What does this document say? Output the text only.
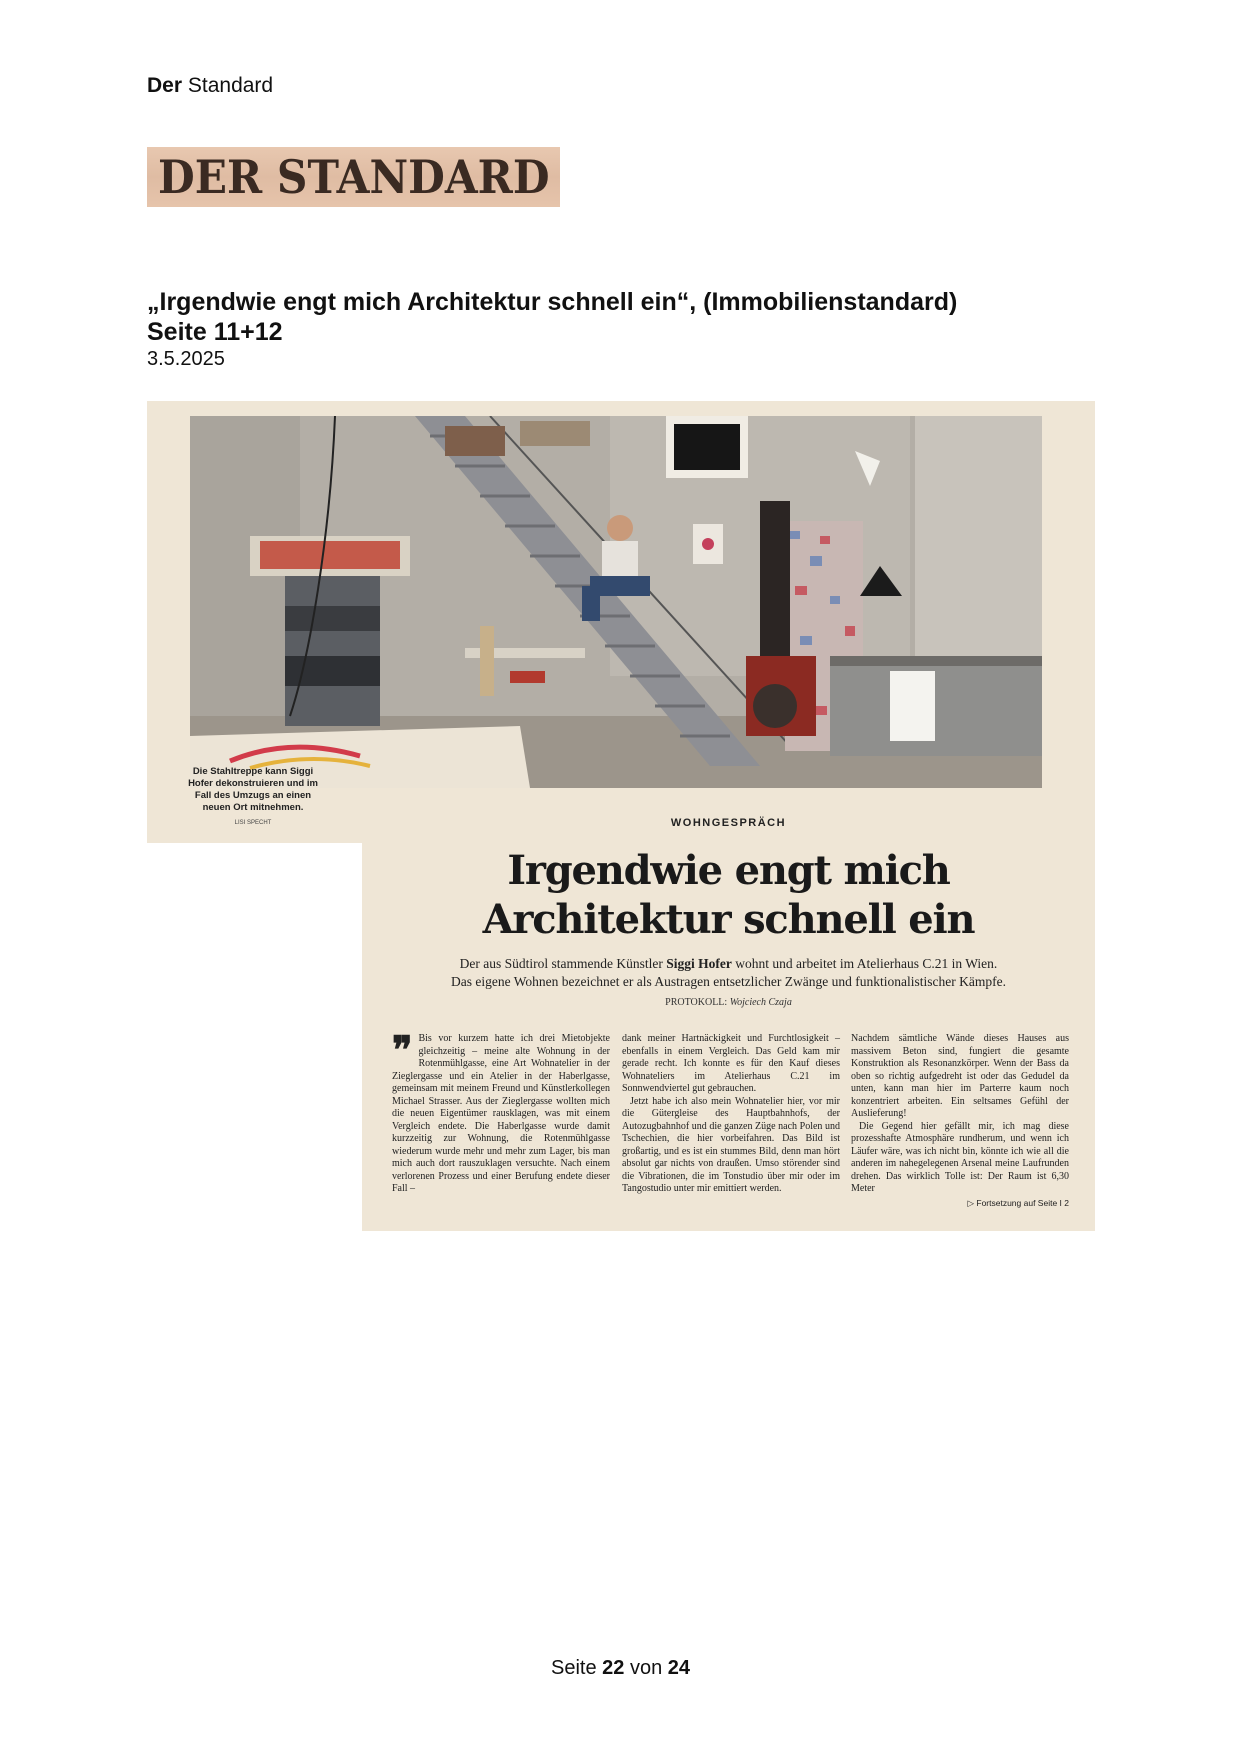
Der Standard
DER STANDARD
„Irgendwie engt mich Architektur schnell ein“, (Immobilienstandard)
Seite 11+12
3.5.2025
Die Stahltreppe kann Siggi Hofer dekonstruieren und im Fall des Umzugs an einen neuen Ort mitnehmen.
LISI SPECHT	WOHNGESPRÄCH
Irgendwie engt mich
Architektur schnell ein
Der aus Südtirol stammende Künstler Siggi Hofer wohnt und arbeitet im Atelierhaus C.21 in Wien.
Das eigene Wohnen bezeichnet er als Austragen entsetzlicher Zwänge und funktionalistischer Kämpfe.
PROTOKOLL: Wojciech Czaja
❞ Bis vor kurzem hatte ich drei Mietobjekte gleichzeitig – meine alte Wohnung in der Rotenmühlgasse, eine Art Wohnatelier in der Zieglergasse und ein Atelier in der Haberlgasse, gemeinsam mit meinem Freund und Künstlerkollegen Michael Strasser. Aus der Zieglergasse wollten mich die neuen Eigentümer rausklagen, was mit einem Vergleich endete. Die Haberlgasse wurde damit kurzzeitig zur Wohnung, die Rotenmühlgasse wiederum wurde mehr und mehr zum Lager, bis man mich auch dort rauszuklagen versuchte. Nach einem verlorenen Prozess und einer Berufung endete dieser Fall –

dank meiner Hartnäckigkeit und Furchtlosigkeit – ebenfalls in einem Vergleich. Das Geld kam mir gerade recht. Ich konnte es für den Kauf dieses Wohnateliers im Atelierhaus C.21 im Sonnwendviertel gut gebrauchen.

Jetzt habe ich also mein Wohnatelier hier, vor mir die Gütergleise des Hauptbahnhofs, der Autozugbahnhof und die ganzen Züge nach Polen und Tschechien, die hier vorbeifahren. Das Bild ist großartig, und es ist ein stummes Bild, denn man hört absolut gar nichts von draußen. Umso störender sind die Vibrationen, die im Tonstudio über mir oder im Tangostudio unter mir emittiert werden.

Nachdem sämtliche Wände dieses Hauses aus massivem Beton sind, fungiert die gesamte Konstruktion als Resonanzkörper. Wenn der Bass da oben so richtig aufgedreht ist oder das Gedudel da unten, kann man hier im Parterre kaum noch konzentriert arbeiten. Ein seltsames Gefühl der Auslieferung!

Die Gegend hier gefällt mir, ich mag diese prozesshafte Atmosphäre rundherum, und wenn ich Läufer wäre, was ich nicht bin, könnte ich wie all die anderen im nahegelegenen Arsenal meine Laufrunden drehen. Das wirklich Tolle ist: Der Raum ist 6,30 Meter

▷ Fortsetzung auf Seite I 2
Seite 22 von 24
